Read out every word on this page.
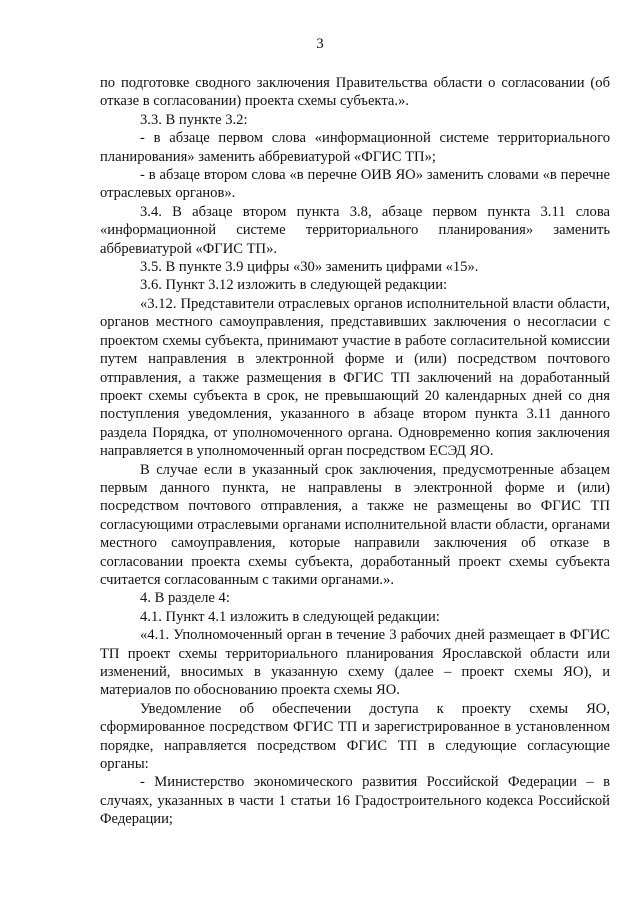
3

по подготовке сводного заключения Правительства области о согласовании (об отказе в согласовании) проекта схемы субъекта.».

3.3. В пункте 3.2:

- в абзаце первом слова «информационной системе территориального планирования» заменить аббревиатурой «ФГИС ТП»;

- в абзаце втором слова «в перечне ОИВ ЯО» заменить словами «в перечне отраслевых органов».

3.4. В абзаце втором пункта 3.8, абзаце первом пункта 3.11 слова «информационной системе территориального планирования» заменить аббревиатурой «ФГИС ТП».

3.5. В пункте 3.9 цифры «30» заменить цифрами «15».

3.6. Пункт 3.12 изложить в следующей редакции:

«3.12. Представители отраслевых органов исполнительной власти области, органов местного самоуправления, представивших заключения о несогласии с проектом схемы субъекта, принимают участие в работе согласительной комиссии путем направления в электронной форме и (или) посредством почтового отправления, а также размещения в ФГИС ТП заключений на доработанный проект схемы субъекта в срок, не превышающий 20 календарных дней со дня поступления уведомления, указанного в абзаце втором пункта 3.11 данного раздела Порядка, от уполномоченного органа. Одновременно копия заключения направляется в уполномоченный орган посредством ЕСЭД ЯО.

В случае если в указанный срок заключения, предусмотренные абзацем первым данного пункта, не направлены в электронной форме и (или) посредством почтового отправления, а также не размещены во ФГИС ТП согласующими отраслевыми органами исполнительной власти области, органами местного самоуправления, которые направили заключения об отказе в согласовании проекта схемы субъекта, доработанный проект схемы субъекта считается согласованным с такими органами.».

4. В разделе 4:

4.1. Пункт 4.1 изложить в следующей редакции:

«4.1. Уполномоченный орган в течение 3 рабочих дней размещает в ФГИС ТП проект схемы территориального планирования Ярославской области или изменений, вносимых в указанную схему (далее – проект схемы ЯО), и материалов по обоснованию проекта схемы ЯО.

Уведомление об обеспечении доступа к проекту схемы ЯО, сформированное посредством ФГИС ТП и зарегистрированное в установленном порядке, направляется посредством ФГИС ТП в следующие согласующие органы:

- Министерство экономического развития Российской Федерации – в случаях, указанных в части 1 статьи 16 Градостроительного кодекса Российской Федерации;
